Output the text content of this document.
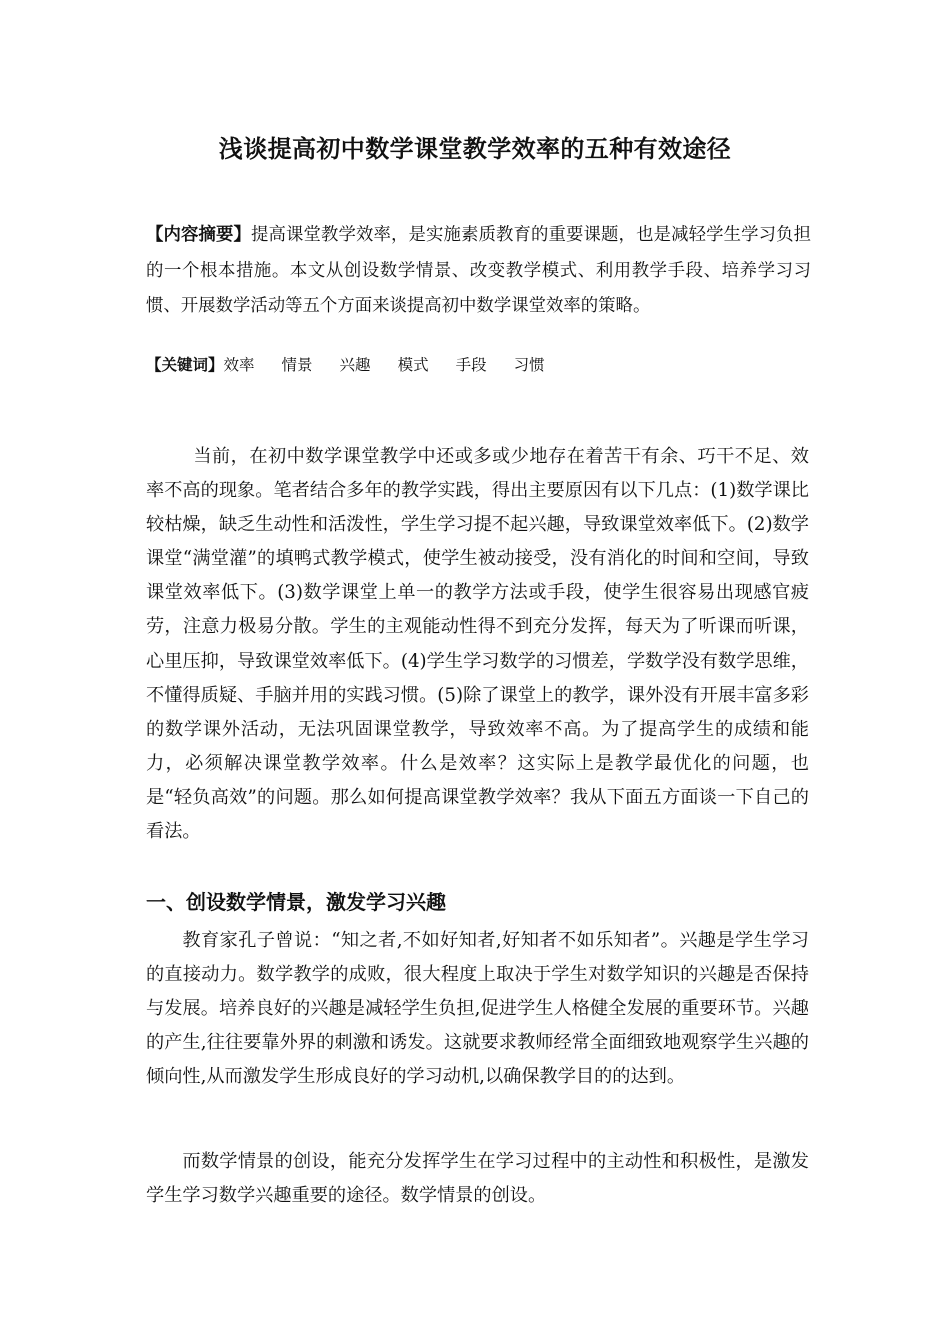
浅谈提高初中数学课堂教学效率的五种有效途径

【内容摘要】提高课堂教学效率，是实施素质教育的重要课题，也是减轻学生学习负担的一个根本措施。本文从创设数学情景、改变教学模式、利用教学手段、培养学习习惯、开展数学活动等五个方面来谈提高初中数学课堂效率的策略。

【关键词】效率 情景 兴趣 模式 手段 习惯

当前，在初中数学课堂教学中还或多或少地存在着苦干有余、巧干不足、效率不高的现象。笔者结合多年的教学实践，得出主要原因有以下几点：(1)数学课比较枯燥，缺乏生动性和活泼性，学生学习提不起兴趣，导致课堂效率低下。(2)数学课堂“满堂灌”的填鸭式教学模式，使学生被动接受，没有消化的时间和空间，导致课堂效率低下。(3)数学课堂上单一的教学方法或手段，使学生很容易出现感官疲劳，注意力极易分散。学生的主观能动性得不到充分发挥，每天为了听课而听课，心里压抑，导致课堂效率低下。(4)学生学习数学的习惯差，学数学没有数学思维，不懂得质疑、手脑并用的实践习惯。(5)除了课堂上的教学，课外没有开展丰富多彩的数学课外活动，无法巩固课堂教学，导致效率不高。为了提高学生的成绩和能力，必须解决课堂教学效率。什么是效率？这实际上是教学最优化的问题，也是“轻负高效”的问题。那么如何提高课堂教学效率？我从下面五方面谈一下自己的看法。

一、创设数学情景，激发学习兴趣

教育家孔子曾说：“知之者,不如好知者,好知者不如乐知者”。兴趣是学生学习的直接动力。数学教学的成败，很大程度上取决于学生对数学知识的兴趣是否保持与发展。培养良好的兴趣是减轻学生负担,促进学生人格健全发展的重要环节。兴趣的产生,往往要靠外界的刺激和诱发。这就要求教师经常全面细致地观察学生兴趣的倾向性,从而激发学生形成良好的学习动机,以确保教学目的的达到。

而数学情景的创设，能充分发挥学生在学习过程中的主动性和积极性，是激发学生学习数学兴趣重要的途径。数学情景的创设。
